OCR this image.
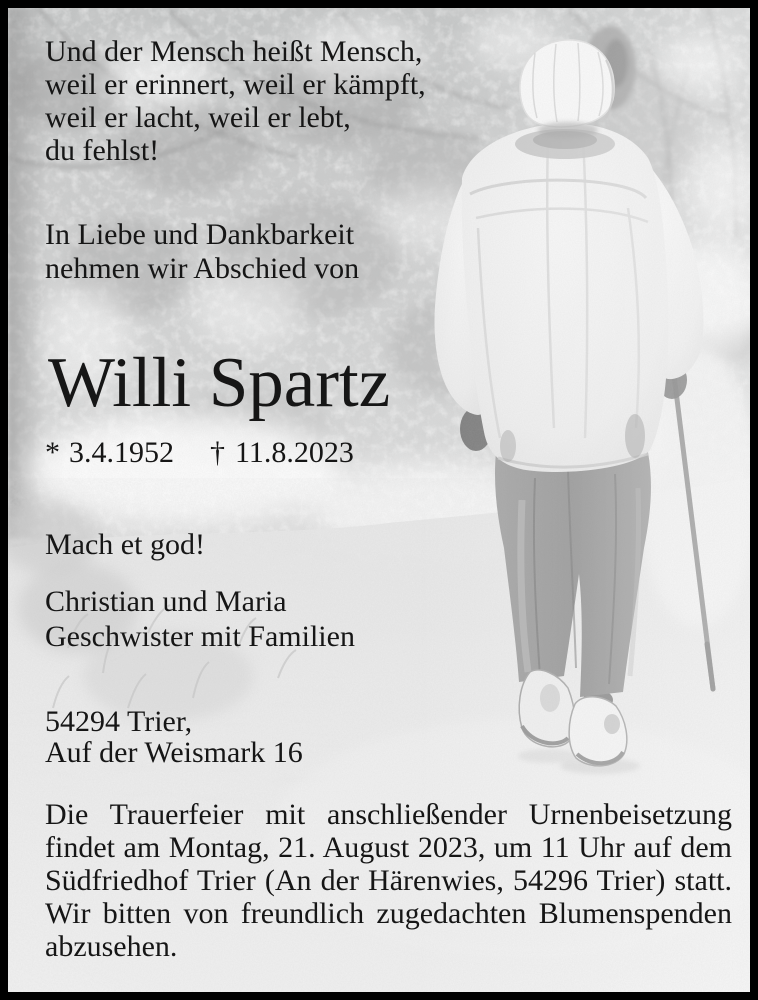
Und der Mensch heißt Mensch,
weil er erinnert, weil er kämpft,
weil er lacht, weil er lebt,
du fehlst!
In Liebe und Dankbarkeit
nehmen wir Abschied von
Willi Spartz
* 3.4.1952 † 11.8.2023
Mach et god!
Christian und Maria
Geschwister mit Familien
54294 Trier,
Auf der Weismark 16
Die Trauerfeier mit anschließender Urnenbeisetzung findet am Montag, 21. August 2023, um 11 Uhr auf dem Südfriedhof Trier (An der Härenwies, 54296 Trier) statt. Wir bitten von freundlich zugedachten Blumenspenden abzusehen.
